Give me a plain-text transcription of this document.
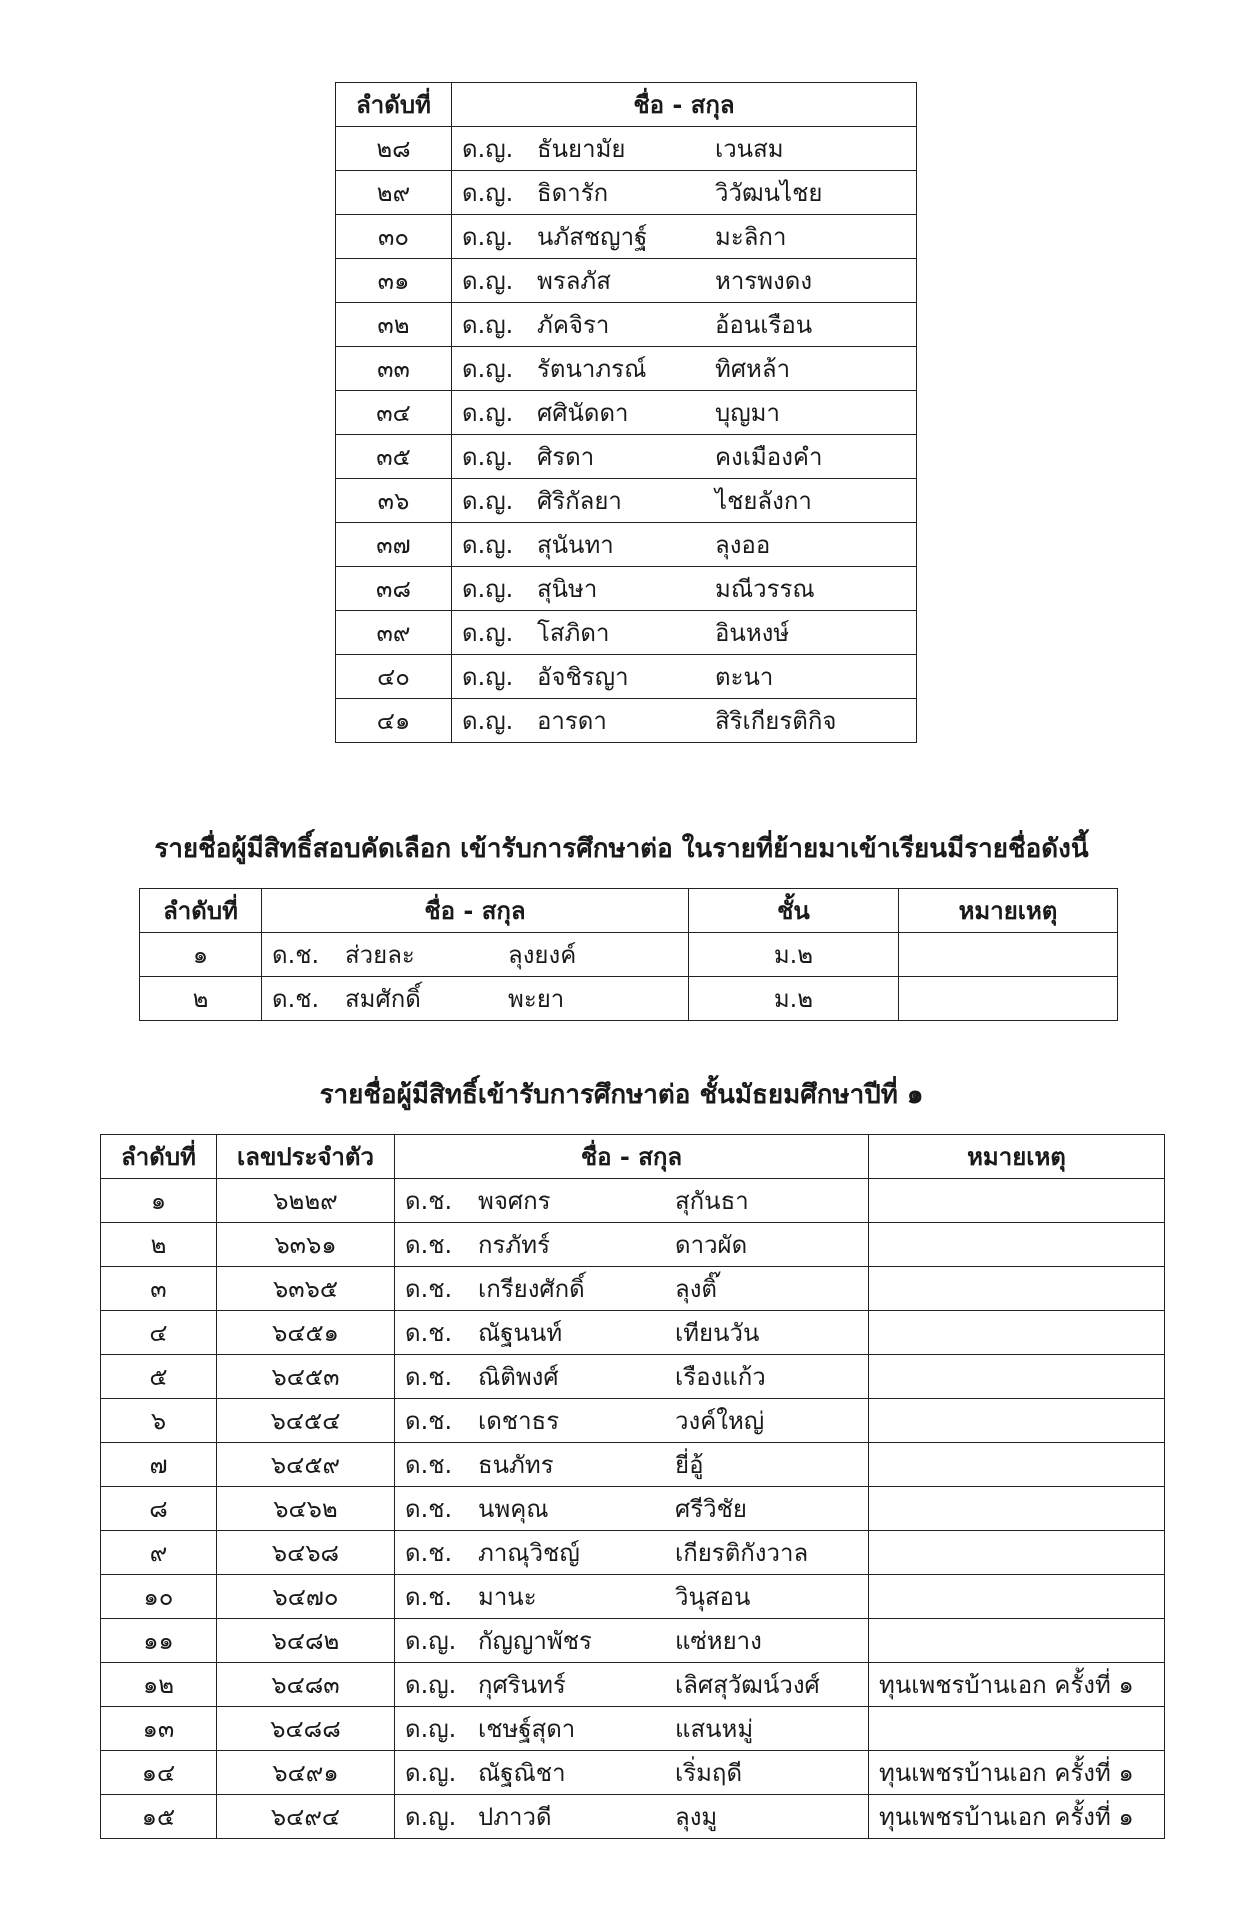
ลำดับที่	ชื่อ - สกุล
๒๘	ด.ญ. ธันยามัย เวนสม
๒๙	ด.ญ. ธิดารัก วิวัฒนไชย
๓๐	ด.ญ. นภัสชญาฐ์ มะลิกา
๓๑	ด.ญ. พรลภัส หารพงดง
๓๒	ด.ญ. ภัคจิรา อ้อนเรือน
๓๓	ด.ญ. รัตนาภรณ์ ทิศหล้า
๓๔	ด.ญ. ศศินัดดา บุญมา
๓๕	ด.ญ. ศิรดา คงเมืองคำ
๓๖	ด.ญ. ศิริกัลยา ไชยลังกา
๓๗	ด.ญ. สุนันทา ลุงออ
๓๘	ด.ญ. สุนิษา มณีวรรณ
๓๙	ด.ญ. โสภิดา อินหงษ์
๔๐	ด.ญ. อัจชิรญา ตะนา
๔๑	ด.ญ. อารดา สิริเกียรติกิจ
รายชื่อผู้มีสิทธิ์สอบคัดเลือก เข้ารับการศึกษาต่อ ในรายที่ย้ายมาเข้าเรียนมีรายชื่อดังนี้
ลำดับที่	ชื่อ - สกุล	ชั้น	หมายเหตุ
๑	ด.ช. ส่วยละ ลุงยงค์	ม.๒	
๒	ด.ช. สมศักดิ์ พะยา	ม.๒	
รายชื่อผู้มีสิทธิ์เข้ารับการศึกษาต่อ ชั้นมัธยมศึกษาปีที่ ๑
ลำดับที่	เลขประจำตัว	ชื่อ - สกุล	หมายเหตุ
๑	๖๒๒๙	ด.ช. พจศกร สุกันธา	
๒	๖๓๖๑	ด.ช. กรภัทร์ ดาวผัด	
๓	๖๓๖๕	ด.ช. เกรียงศักดิ์ ลุงติ๊	
๔	๖๔๕๑	ด.ช. ณัฐนนท์ เทียนวัน	
๕	๖๔๕๓	ด.ช. ณิติพงศ์ เรืองแก้ว	
๖	๖๔๕๔	ด.ช. เดชาธร วงค์ใหญ่	
๗	๖๔๕๙	ด.ช. ธนภัทร ยี่อู้	
๘	๖๔๖๒	ด.ช. นพคุณ ศรีวิชัย	
๙	๖๔๖๘	ด.ช. ภาณุวิชญ์ เกียรติกังวาล	
๑๐	๖๔๗๐	ด.ช. มานะ วินุสอน	
๑๑	๖๔๘๒	ด.ญ. กัญญาพัชร แซ่หยาง	
๑๒	๖๔๘๓	ด.ญ. กุศรินทร์ เลิศสุวัฒน์วงศ์	ทุนเพชรบ้านเอก ครั้งที่ ๑
๑๓	๖๔๘๘	ด.ญ. เชษฐ์สุดา แสนหมู่	
๑๔	๖๔๙๑	ด.ญ. ณัฐณิชา เริ่มฤดี	ทุนเพชรบ้านเอก ครั้งที่ ๑
๑๕	๖๔๙๔	ด.ญ. ปภาวดี ลุงมู	ทุนเพชรบ้านเอก ครั้งที่ ๑
